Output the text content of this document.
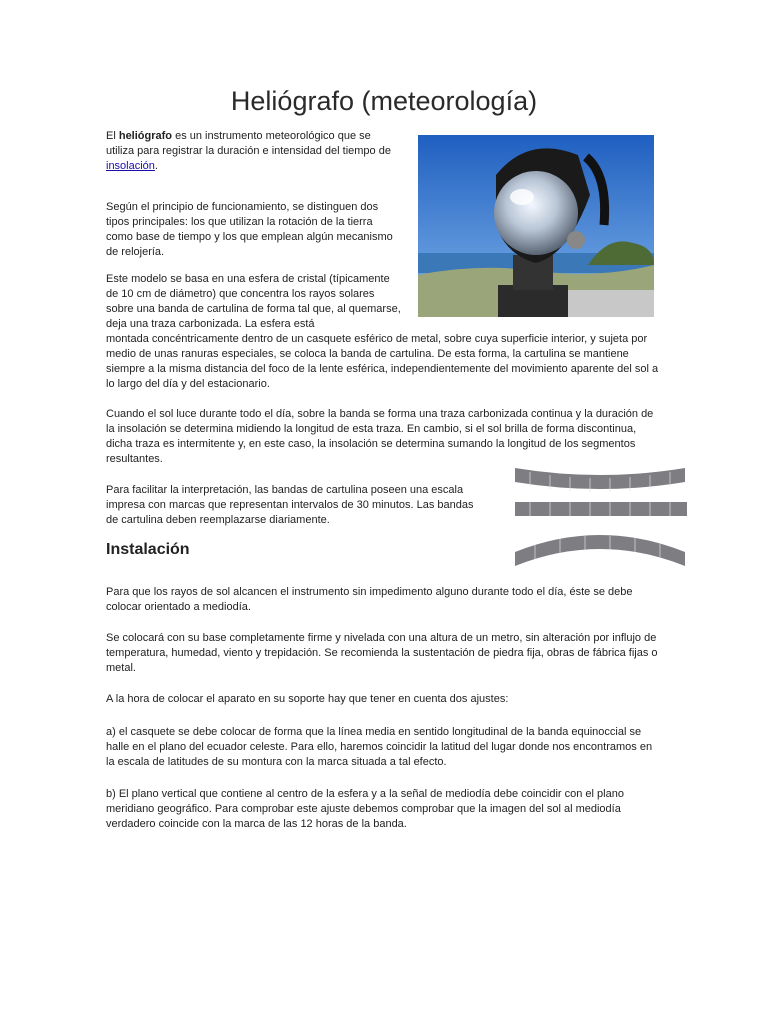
Heliógrafo (meteorología)

El heliógrafo es un instrumento meteorológico que se utiliza para registrar la duración e intensidad del tiempo de insolación.

Según el principio de funcionamiento, se distinguen dos tipos principales: los que utilizan la rotación de la tierra como base de tiempo y los que emplean algún mecanismo de relojería.

Este modelo se basa en una esfera de cristal (típicamente de 10 cm de diámetro) que concentra los rayos solares sobre una banda de cartulina de forma tal que, al quemarse, deja una traza carbonizada. La esfera está

montada concéntricamente dentro de un casquete esférico de metal, sobre cuya superficie interior, y sujeta por medio de unas ranuras especiales, se coloca la banda de cartulina. De esta forma, la cartulina se mantiene siempre a la misma distancia del foco de la lente esférica, independientemente del movimiento aparente del sol a lo largo del día y del estacionario.

Cuando el sol luce durante todo el día, sobre la banda se forma una traza carbonizada continua y la duración de la insolación se determina midiendo la longitud de esta traza. En cambio, si el sol brilla de forma discontinua, dicha traza es intermitente y, en este caso, la insolación se determina sumando la longitud de los segmentos resultantes.

Para facilitar la interpretación, las bandas de cartulina poseen una escala impresa con marcas que representan intervalos de 30 minutos. Las bandas de cartulina deben reemplazarse diariamente.

Instalación

Para que los rayos de sol alcancen el instrumento sin impedimento alguno durante todo el día, éste se debe colocar orientado a mediodía.

Se colocará con su base completamente firme y nivelada con una altura de un metro, sin alteración por influjo de temperatura, humedad, viento y trepidación. Se recomienda la sustentación de piedra fija, obras de fábrica fijas o metal.

A la hora de colocar el aparato en su soporte hay que tener en cuenta dos ajustes:

a) el casquete se debe colocar de forma que la línea media en sentido longitudinal de la banda equinoccial se halle en el plano del ecuador celeste. Para ello, haremos coincidir la latitud del lugar donde nos encontramos en la escala de latitudes de su montura con la marca situada a tal efecto.

b) El plano vertical que contiene al centro de la esfera y a la señal de mediodía debe coincidir con el plano meridiano geográfico. Para comprobar este ajuste debemos comprobar que la imagen del sol al mediodía verdadero coincide con la marca de las 12 horas de la banda.
